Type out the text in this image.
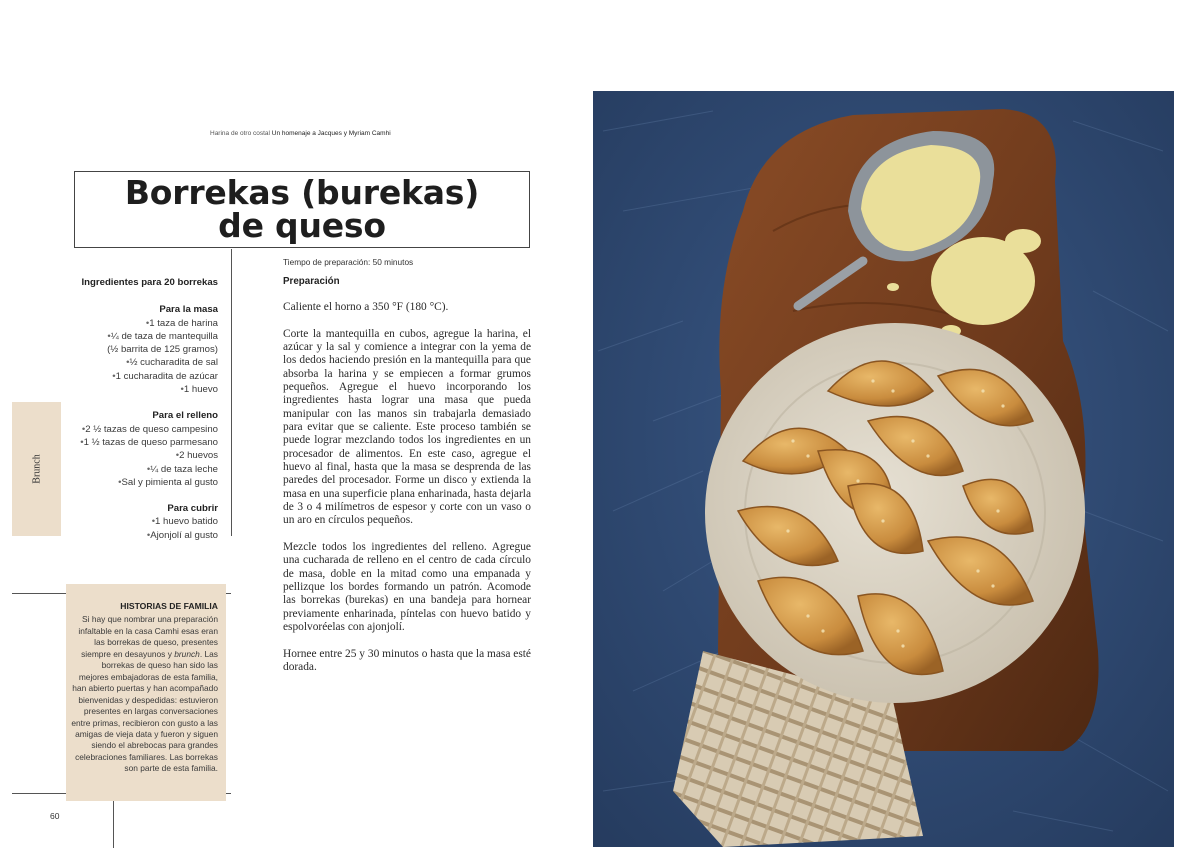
Harina de otro costal Un homenaje a Jacques y Myriam Camhi
Borrekas (burekas)
de queso
Brunch
Ingredientes para 20 borrekas
Para la masa
• 1 taza de harina
• ¼ de taza de mantequilla
(½ barrita de 125 gramos)
• ½ cucharadita de sal
• 1 cucharadita de azúcar
• 1 huevo
Para el relleno
• 2 ½ tazas de queso campesino
• 1 ½ tazas de queso parmesano
• 2 huevos
• ¼ de taza leche
• Sal y pimienta al gusto
Para cubrir
• 1 huevo batido
• Ajonjolí al gusto
Tiempo de preparación: 50 minutos
Preparación

Caliente el horno a 350 °F (180 °C).

Corte la mantequilla en cubos, agregue la harina, el azúcar y la sal y comience a integrar con la yema de los dedos haciendo presión en la mantequilla para que absorba la harina y se empiecen a formar grumos pequeños. Agregue el huevo incorporando los ingredientes hasta lograr una masa que pueda manipular con las manos sin trabajarla demasiado para evitar que se caliente. Este proceso también se puede lograr mezclando todos los ingredientes en un procesador de alimentos. En este caso, agregue el huevo al final, hasta que la masa se desprenda de las paredes del procesador. Forme un disco y extienda la masa en una superficie plana enharinada, hasta dejarla de 3 o 4 milímetros de espesor y corte con un vaso o un aro en círculos pequeños.

Mezcle todos los ingredientes del relleno. Agregue una cucharada de relleno en el centro de cada círculo de masa, doble en la mitad como una empanada y pellizque los bordes formando un patrón. Acomode las borrekas (burekas) en una bandeja para hornear previamente enharinada, píntelas con huevo batido y espolvoréelas con ajonjolí.

Hornee entre 25 y 30 minutos o hasta que la masa esté dorada.

HISTORIAS DE FAMILIA
Si hay que nombrar una preparación infaltable en la casa Camhi esas eran las borrekas de queso, presentes siempre en desayunos y brunch. Las borrekas de queso han sido las mejores embajadoras de esta familia, han abierto puertas y han acompañado bienvenidas y despedidas: estuvieron presentes en largas conversaciones entre primas, recibieron con gusto a las amigas de vieja data y fueron y siguen siendo el abrebocas para grandes celebraciones familiares. Las borrekas son parte de esta familia.
60
